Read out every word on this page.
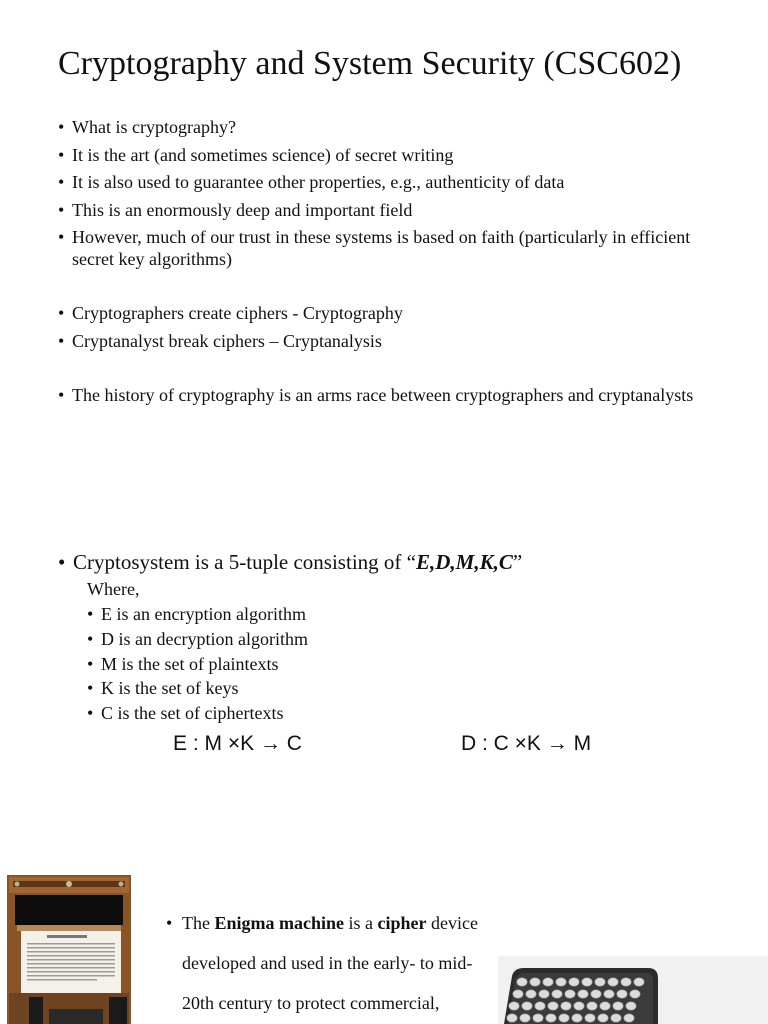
Cryptography and System Security (CSC602)
• What is cryptography?
• It is the art (and sometimes science) of secret writing
• It is also used to guarantee other properties, e.g., authenticity of data
• This is an enormously deep and important field
• However, much of our trust in these systems is based on faith (particularly in efficient secret key algorithms)
• Cryptographers create ciphers - Cryptography
• Cryptanalyst break ciphers – Cryptanalysis
• The history of cryptography is an arms race between cryptographers and cryptanalysts
• Cryptosystem is a 5-tuple consisting of “E,D,M,K,C”
Where,
• E is an encryption algorithm
• D is an decryption algorithm
• M is the set of plaintexts
• K is the set of keys
• C is the set of ciphertexts
E : M ×K → C	D : C ×K → M
• The Enigma machine is a cipher device developed and used in the early- to mid-20th century to protect commercial,
